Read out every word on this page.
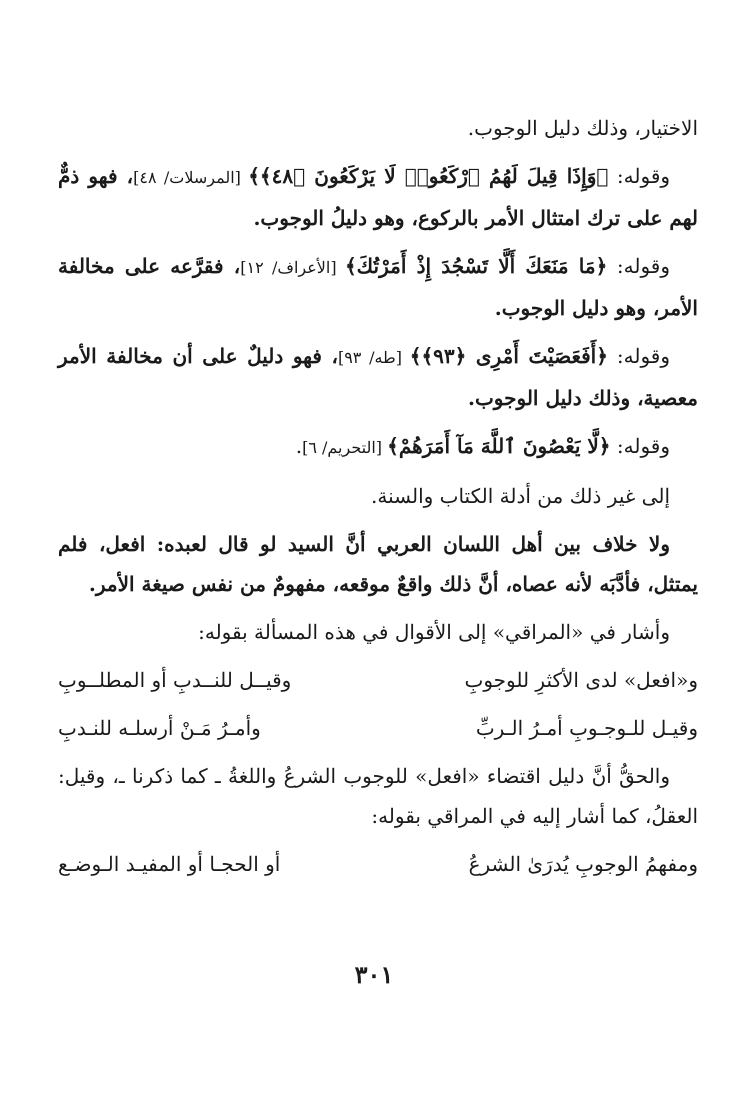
الاختيار، وذلك دليل الوجوب.

وقوله: ﴿وَإِذَا قِيلَ لَهُمُ ٱرْكَعُوا۟ لَا يَرْكَعُونَ ﴿٤٨﴾﴾ [المرسلات/ ٤٨]، فهو ذمٌّ لهم على ترك امتثال الأمر بالركوع، وهو دليلُ الوجوب.

وقوله: ﴿مَا مَنَعَكَ أَلَّا تَسْجُدَ إِذْ أَمَرْتُكَ﴾ [الأعراف/ ١٢]، فقرَّعه على مخالفة الأمر، وهو دليل الوجوب.

وقوله: ﴿أَفَعَصَيْتَ أَمْرِى ﴿٩٣﴾﴾ [طه/ ٩٣]، فهو دليلٌ على أن مخالفة الأمر معصية، وذلك دليل الوجوب.

وقوله: ﴿لَّا يَعْصُونَ ٱللَّهَ مَآ أَمَرَهُمْ﴾ [التحريم/ ٦].

إلى غير ذلك من أدلة الكتاب والسنة.

ولا خلاف بين أهل اللسان العربي أنَّ السيد لو قال لعبده: افعل، فلم يمتثل، فأدَّبَه لأنه عصاه، أنَّ ذلك واقعٌ موقعه، مفهومٌ من نفس صيغة الأمر.

وأشار في «المراقي» إلى الأقوال في هذه المسألة بقوله:

و«افعل» لدى الأكثرِ للوجوبِ
وقيــل للنــدبِ أو المطلــوبِ
وقيـل للـوجـوبِ أمـرُ الـربِّ
وأمـرُ مَـنْ أرسلـه للنـدبِ

والحقُّ أنَّ دليل اقتضاء «افعل» للوجوب الشرعُ واللغةُ ـ كما ذكرنا ـ، وقيل: العقلُ، كما أشار إليه في المراقي بقوله:

ومفهمُ الوجوبِ يُدرَىٰ الشرعُ
أو الحجـا أو المفيـد الـوضـع
٣٠١
